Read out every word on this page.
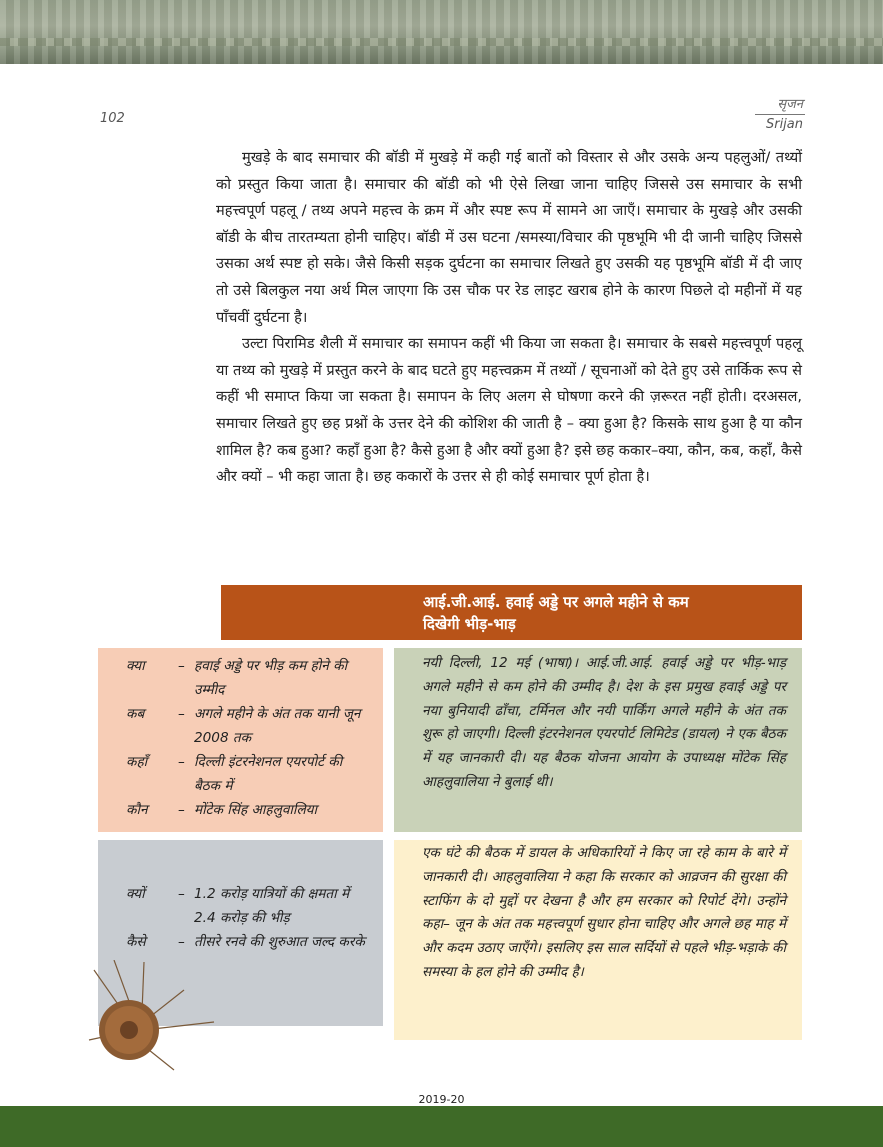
102
सृजन
Srijan

मुखड़े के बाद समाचार की बॉडी में मुखड़े में कही गई बातों को विस्तार से और उसके अन्य पहलुओं/ तथ्यों को प्रस्तुत किया जाता है। समाचार की बॉडी को भी ऐसे लिखा जाना चाहिए जिससे उस समाचार के सभी महत्त्वपूर्ण पहलू / तथ्य अपने महत्त्व के क्रम में और स्पष्ट रूप में सामने आ जाएँ। समाचार के मुखड़े और उसकी बॉडी के बीच तारतम्यता होनी चाहिए। बॉडी में उस घटना /समस्या/विचार की पृष्ठभूमि भी दी जानी चाहिए जिससे उसका अर्थ स्पष्ट हो सके। जैसे किसी सड़क दुर्घटना का समाचार लिखते हुए उसकी यह पृष्ठभूमि बॉडी में दी जाए तो उसे बिलकुल नया अर्थ मिल जाएगा कि उस चौक पर रेड लाइट खराब होने के कारण पिछले दो महीनों में यह पाँचवीं दुर्घटना है।

उल्टा पिरामिड शैली में समाचार का समापन कहीं भी किया जा सकता है। समाचार के सबसे महत्त्वपूर्ण पहलू या तथ्य को मुखड़े में प्रस्तुत करने के बाद घटते हुए महत्त्वक्रम में तथ्यों / सूचनाओं को देते हुए उसे तार्किक रूप से कहीं भी समाप्त किया जा सकता है। समापन के लिए अलग से घोषणा करने की ज़रूरत नहीं होती। दरअसल, समाचार लिखते हुए छह प्रश्नों के उत्तर देने की कोशिश की जाती है – क्या हुआ है? किसके साथ हुआ है या कौन शामिल है? कब हुआ? कहाँ हुआ है? कैसे हुआ है और क्यों हुआ है? इसे छह ककार–क्या, कौन, कब, कहाँ, कैसे और क्यों – भी कहा जाता है। छह ककारों के उत्तर से ही कोई समाचार पूर्ण होता है।

आई.जी.आई. हवाई अड्डे पर अगले महीने से कम
दिखेगी भीड़-भाड़
क्या	– हवाई अड्डे पर भीड़ कम होने की उम्मीद
कब	– अगले महीने के अंत तक यानी जून 2008 तक
कहाँ	– दिल्ली इंटरनेशनल एयरपोर्ट की बैठक में
कौन	– मोंटेक सिंह आहलुवालिया

नयी दिल्ली, 12 मई (भाषा)। आई.जी.आई. हवाई अड्डे पर भीड़-भाड़ अगले महीने से कम होने की उम्मीद है। देश के इस प्रमुख हवाई अड्डे पर नया बुनियादी ढाँचा, टर्मिनल और नयी पार्किंग अगले महीने के अंत तक शुरू हो जाएगी। दिल्ली इंटरनेशनल एयरपोर्ट लिमिटेड (डायल) ने एक बैठक में यह जानकारी दी। यह बैठक योजना आयोग के उपाध्यक्ष मोंटेक सिंह आहलुवालिया ने बुलाई थी।

क्यों	– 1.2 करोड़ यात्रियों की क्षमता में 2.4 करोड़ की भीड़
कैसे	– तीसरे रनवे की शुरुआत जल्द करके

एक घंटे की बैठक में डायल के अधिकारियों ने किए जा रहे काम के बारे में जानकारी दी। आहलुवालिया ने कहा कि सरकार को आव्रजन की सुरक्षा की स्टाफिंग के दो मुद्दों पर देखना है और हम सरकार को रिपोर्ट देंगे। उन्होंने कहा– जून के अंत तक महत्त्वपूर्ण सुधार होना चाहिए और अगले छह माह में और कदम उठाए जाएँगे। इसलिए इस साल सर्दियों से पहले भीड़-भड़ाके की समस्या के हल होने की उम्मीद है।

2019-20
